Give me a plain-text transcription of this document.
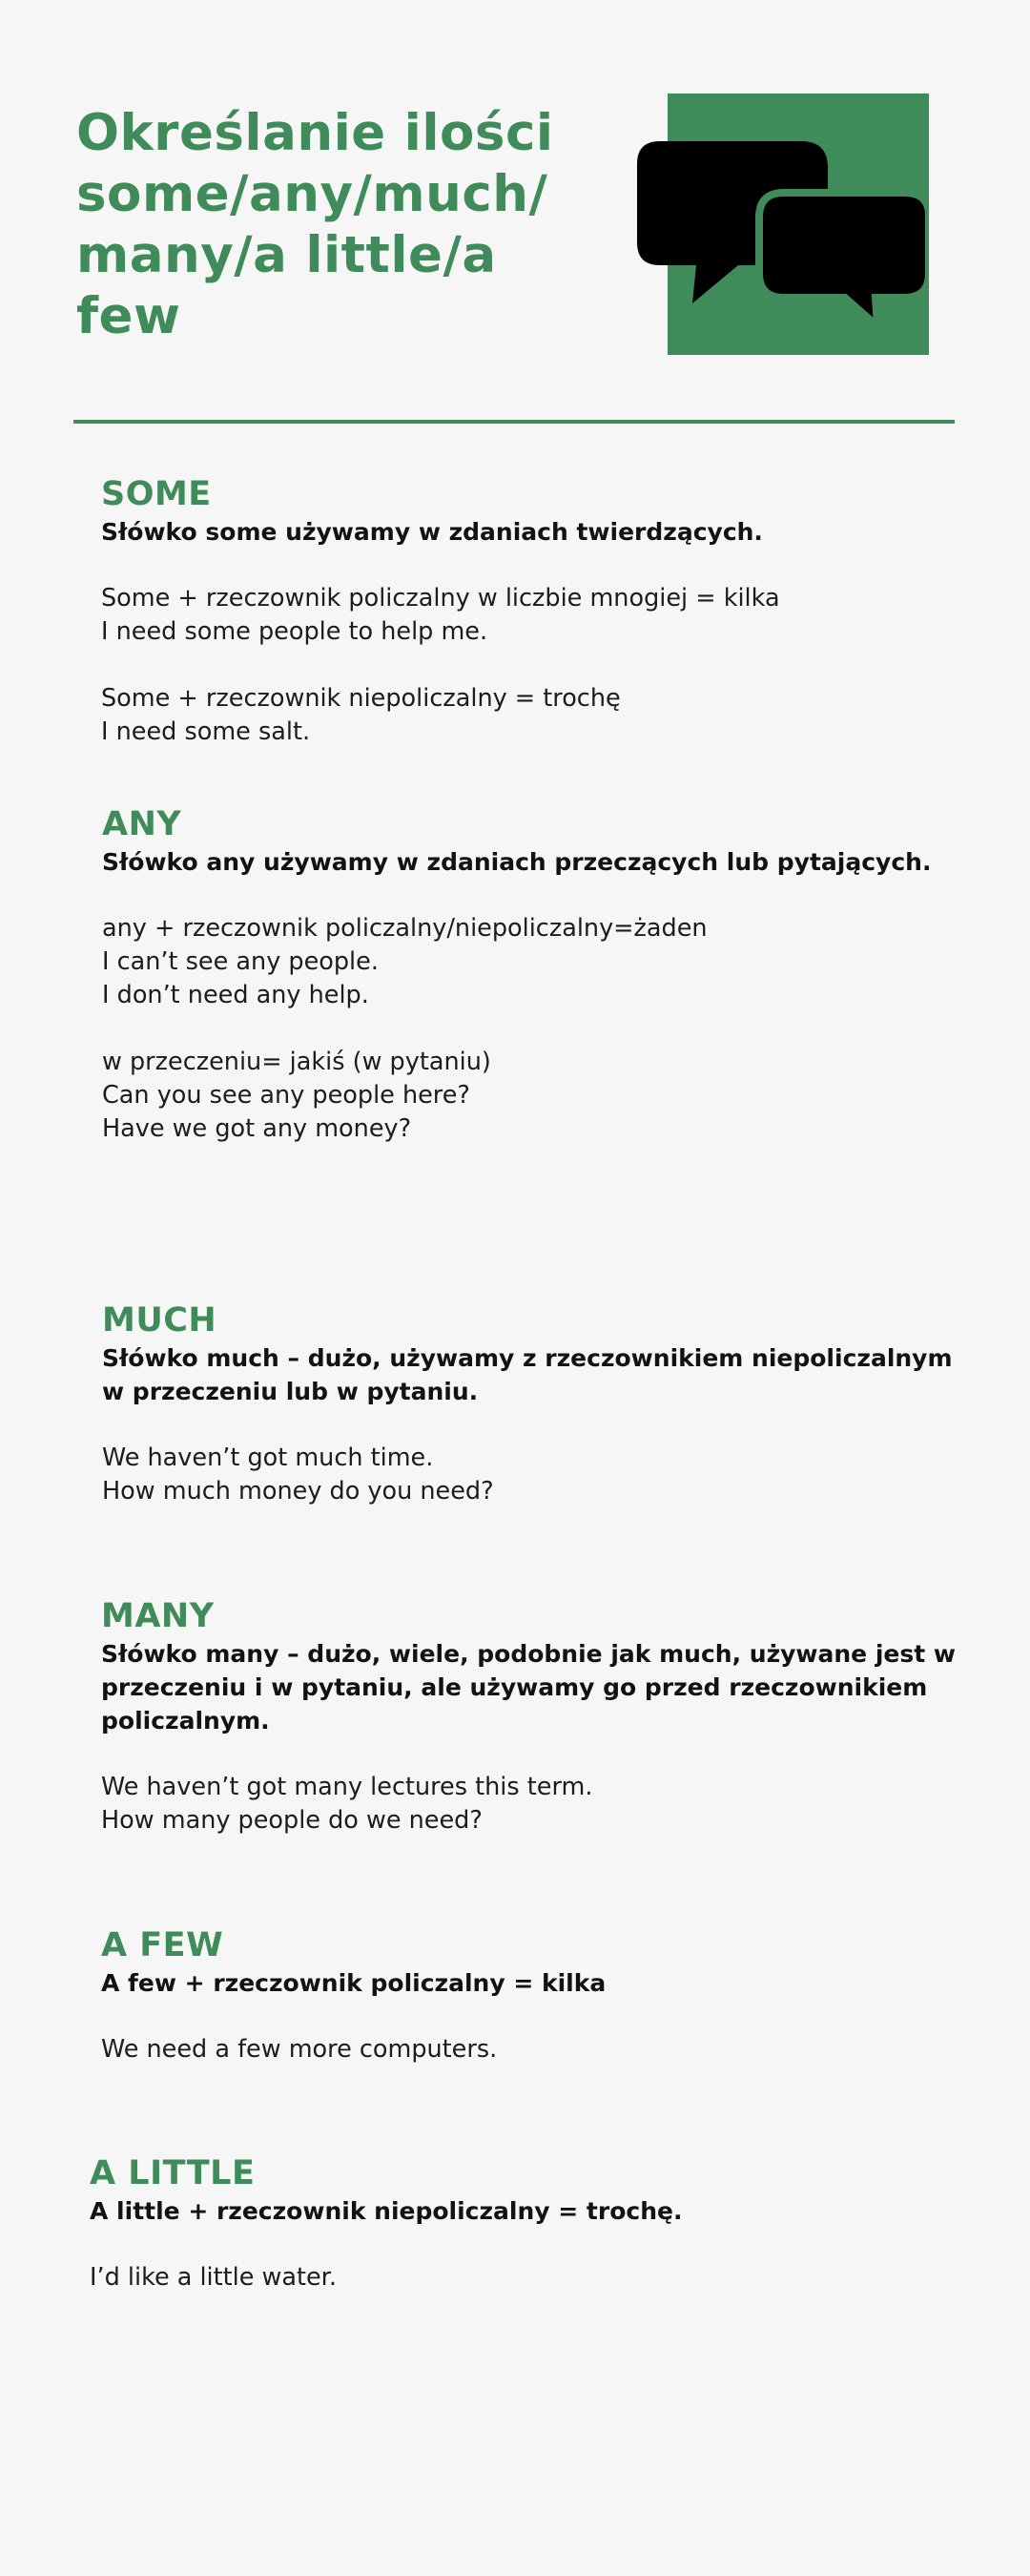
Określanie ilości
some/any/much/
many/a little/a
few
SOME

Słówko some używamy w zdaniach twierdzących.

Some + rzeczownik policzalny w liczbie mnogiej = kilka

I need some people to help me.

Some + rzeczownik niepoliczalny = trochę

I need some salt.

ANY

Słówko any używamy w zdaniach przeczących lub pytających.

any + rzeczownik policzalny/niepoliczalny=żaden

I can’t see any people.

I don’t need any help.

w przeczeniu= jakiś (w pytaniu)

Can you see any people here?

Have we got any money?

MUCH

Słówko much – dużo, używamy z rzeczownikiem niepoliczalnym
w przeczeniu lub w pytaniu.

We haven’t got much time.

How much money do you need?

MANY

Słówko many – dużo, wiele, podobnie jak much, używane jest w
przeczeniu i w pytaniu, ale używamy go przed rzeczownikiem
policzalnym.

We haven’t got many lectures this term.

How many people do we need?

A FEW

A few + rzeczownik policzalny = kilka

We need a few more computers.

A LITTLE

A little + rzeczownik niepoliczalny = trochę.

I’d like a little water.
